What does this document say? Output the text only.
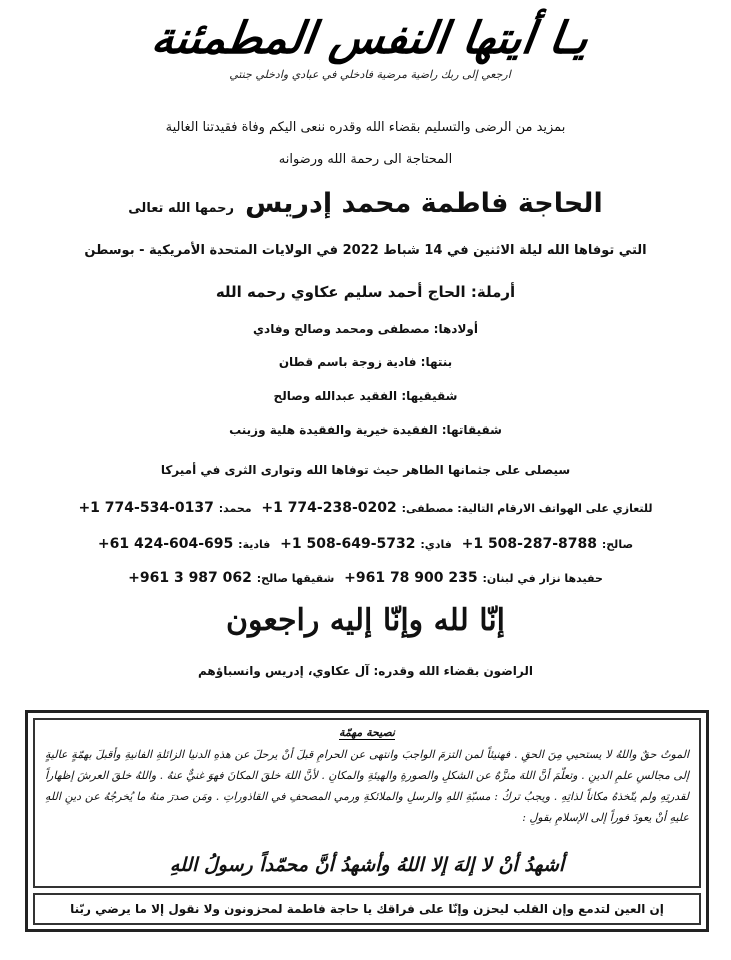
يـا أيتها النفس المطمئنة
ارجعي إلى ربك راضية مرضية فادخلي في عبادي وادخلي جنتي
بمزيد من الرضى والتسليم بقضاء الله وقدره ننعى اليكم وفاة فقيدتنا الغالية
المحتاجة الى رحمة الله ورضوانه
الحاجة فاطمة محمد إدريس رحمها الله تعالى
التي توفاها الله ليلة الاثنين في 14 شباط 2022 في الولايات المتحدة الأمريكية - بوسطن
أرملة: الحاج أحمد سليم عكاوي رحمه الله
أولادها: مصطفى ومحمد وصالح وفادي
بنتها: فادية زوجة باسم قطان
شقيقيها: الفقيد عبدالله وصالح
شقيقاتها: الفقيدة خيرية والفقيدة هلية وزينب
سيصلى على جثمانها الطاهر حيث توفاها الله وتوارى الثرى في أميركا
للتعازي على الهواتف الارقام التالية: مصطفى: +1 774-238-0202  محمد: +1 774-534-0137
صالح: +1 508-287-8788  فادي: +1 508-649-5732  فادية: +61 424-604-695
حفيدها نزار في لبنان: +961 78 900 235  شقيقها صالح: +961 3 987 062
إنّا لله وإنّا إليه راجعون
الراضون بقضاء الله وقدره: آل عكاوي، إدريس وانسباؤهم
نصيحة مهمّة
الموتُ حقٌ واللهُ لا يستحيي مِنَ الحقِ . فهنيئاً لمن التزمَ الواجبَ وانتهى عن الحرامِ قبلَ أنْ يرحلَ عن هذهِ الدنيا الزائلةِ الفانيةِ وأقبلَ بهمّةٍ عاليةٍ إلى مجالسِ علمِ الدينِ . وتعلّمَ أنَّ اللهَ منزَّهٌ عن الشكلِ والصورةِ والهيئةِ والمكانِ . لأنَّ اللهَ خلقَ المكانَ فهوَ غنيٌّ عنهُ . واللهُ خلقَ العرشَ إظهاراً لقدرتِهِ ولم يتّخذهُ مكاناً لذاتِهِ . ويجبُ تركُ : مسبّةِ اللهِ والرسلِ والملائكةِ ورمي المصحفِ في القاذوراتِ . ومَن صدرَ منهُ ما يُخرجُهُ عن دينِ اللهِ عليهِ أنْ يعودَ فوراً إلى الإسلامِ بقولِ :
أشهدُ أنْ لا إلهَ إلا اللهُ وأشهدُ أنَّ محمّداً رسولُ اللهِ
إن العين لتدمع وإن القلب ليحزن وإنّا على فراقك يا حاجة فاطمة لمحزونون ولا نقول إلا ما يرضي ربّنا
